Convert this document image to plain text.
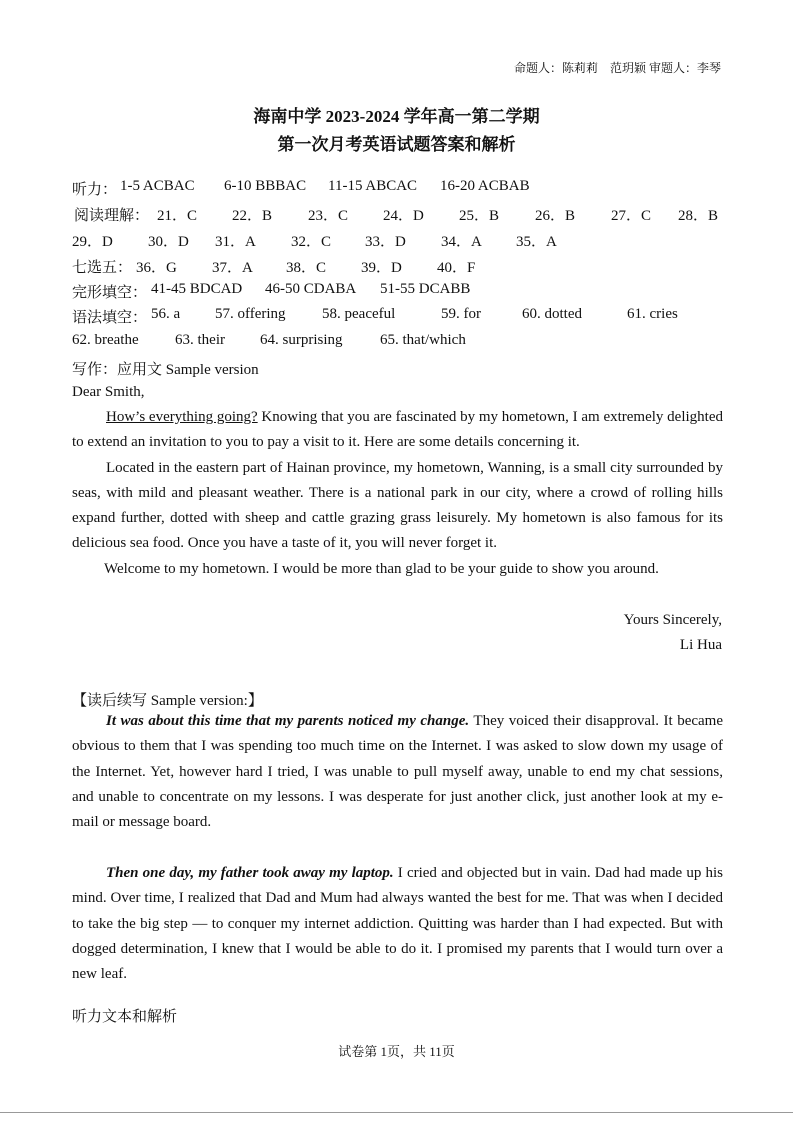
命题人：陈莉莉　范玥颖 审题人：李琴
海南中学 2023-2024 学年高一第二学期
第一次月考英语试题答案和解析
听力： 1-5 ACBAC 6-10 BBBAC 11-15 ABCAC 16-20 ACBAB
阅读理解： 21．C 22．B 23．C 24．D 25．B 26．B 27．C 28．B
29．D 30．D 31．A 32．C 33．D 34．A 35．A
七选五： 36．G 37．A 38．C 39．D 40．F
完形填空： 41-45 BDCAD 46-50 CDABA 51-55 DCABB
语法填空： 56. a 57. offering 58. peaceful	59. for	60. dotted	61. cries
62. breathe 63. their 64. surprising	65. that/which
写作：应用文 Sample version
Dear Smith,

How’s everything going? Knowing that you are fascinated by my hometown, I am extremely delighted to extend an invitation to you to pay a visit to it. Here are some details concerning it.

Located in the eastern part of Hainan province, my hometown, Wanning, is a small city surrounded by seas, with mild and pleasant weather. There is a national park in our city, where a crowd of rolling hills expand further, dotted with sheep and cattle grazing grass leisurely. My hometown is also famous for its delicious sea food. Once you have a taste of it, you will never forget it.

Welcome to my hometown. I would be more than glad to be your guide to show you around.

Yours Sincerely,
Li Hua
【读后续写 Sample version:】

It was about this time that my parents noticed my change. They voiced their disapproval. It became obvious to them that I was spending too much time on the Internet. I was asked to slow down my usage of the Internet. Yet, however hard I tried, I was unable to pull myself away, unable to end my chat sessions, and unable to concentrate on my lessons. I was desperate for just another click, just another look at my e-mail or message board.

Then one day, my father took away my laptop. I cried and objected but in vain. Dad had made up his mind. Over time, I realized that Dad and Mum had always wanted the best for me. That was when I decided to take the big step — to conquer my internet addiction. Quitting was harder than I had expected. But with dogged determination, I knew that I would be able to do it. I promised my parents that I would turn over a new leaf.

听力文本和解析
试卷第 1页，共 11页
